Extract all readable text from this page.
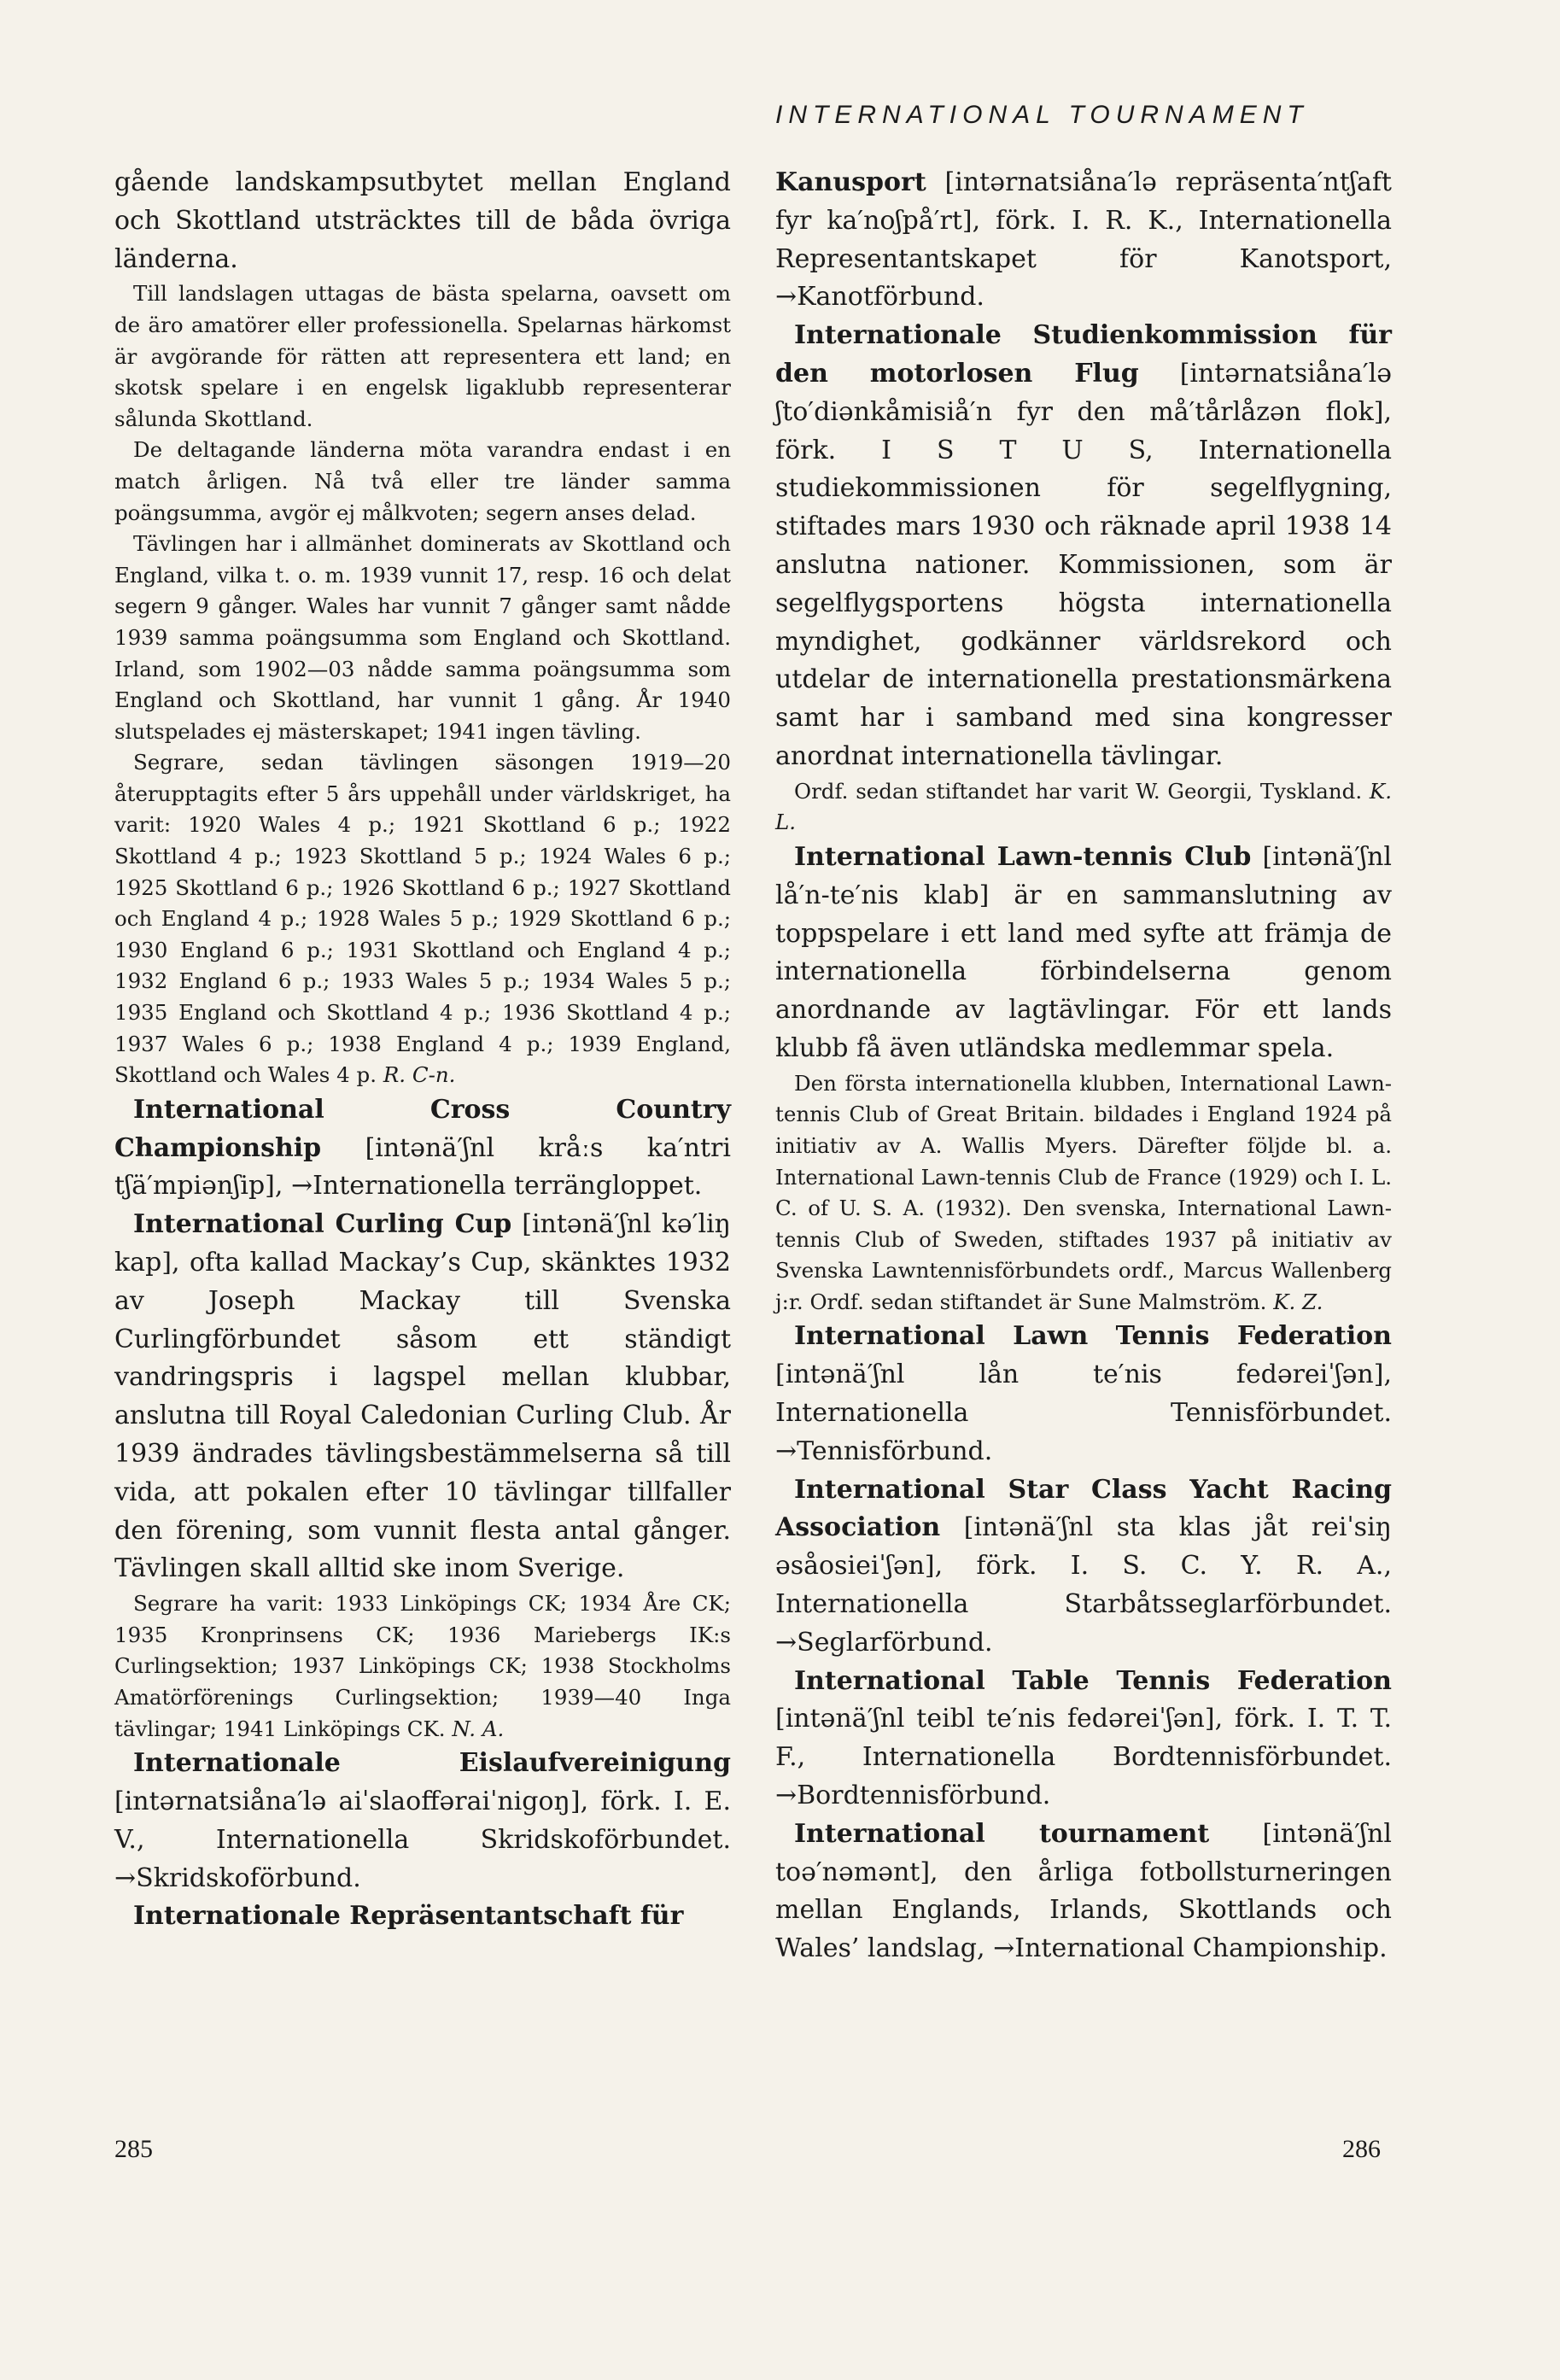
INTERNATIONAL TOURNAMENT

gående landskampsutbytet mellan England och Skottland utsträcktes till de båda övriga länderna.

Till landslagen uttagas de bästa spelarna, oavsett om de äro amatörer eller professionella. Spelarnas härkomst är avgörande för rätten att representera ett land; en skotsk spelare i en engelsk ligaklubb representerar sålunda Skottland.

De deltagande länderna möta varandra endast i en match årligen. Nå två eller tre länder samma poängsumma, avgör ej målkvoten; segern anses delad.

Tävlingen har i allmänhet dominerats av Skottland och England, vilka t. o. m. 1939 vunnit 17, resp. 16 och delat segern 9 gånger. Wales har vunnit 7 gånger samt nådde 1939 samma poängsumma som England och Skottland. Irland, som 1902—03 nådde samma poängsumma som England och Skottland, har vunnit 1 gång. År 1940 slutspelades ej mästerskapet; 1941 ingen tävling.

Segrare, sedan tävlingen säsongen 1919—20 återupptagits efter 5 års uppehåll under världskriget, ha varit: 1920 Wales 4 p.; 1921 Skottland 6 p.; 1922 Skottland 4 p.; 1923 Skottland 5 p.; 1924 Wales 6 p.; 1925 Skottland 6 p.; 1926 Skottland 6 p.; 1927 Skottland och England 4 p.; 1928 Wales 5 p.; 1929 Skottland 6 p.; 1930 England 6 p.; 1931 Skottland och England 4 p.; 1932 England 6 p.; 1933 Wales 5 p.; 1934 Wales 5 p.; 1935 England och Skottland 4 p.; 1936 Skottland 4 p.; 1937 Wales 6 p.; 1938 England 4 p.; 1939 England, Skottland och Wales 4 p. R. C-n.

International Cross Country Championship [intənä′ʃnl kråːs ka′ntri tʃä′mpiənʃip], →Internationella terrängloppet.

International Curling Cup [intənä′ʃnl kə′liŋ kap], ofta kallad Mackay’s Cup, skänktes 1932 av Joseph Mackay till Svenska Curlingförbundet såsom ett ständigt vandringspris i lagspel mellan klubbar, anslutna till Royal Caledonian Curling Club. År 1939 ändrades tävlingsbestämmelserna så till vida, att pokalen efter 10 tävlingar tillfaller den förening, som vunnit flesta antal gånger. Tävlingen skall alltid ske inom Sverige.

Segrare ha varit: 1933 Linköpings CK; 1934 Åre CK; 1935 Kronprinsens CK; 1936 Mariebergs IK:s Curlingsektion; 1937 Linköpings CK; 1938 Stockholms Amatörförenings Curlingsektion; 1939—40 Inga tävlingar; 1941 Linköpings CK. N. A.

Internationale Eislaufvereinigung [intərnatsiåna′lə aiˈslaoffəraiˈnigoŋ], förk. I. E. V., Internationella Skridskoförbundet. →Skridskoförbund.

Internationale Repräsentantschaft für

Kanusport [intərnatsiåna′lə repräsenta′ntʃaft fyr ka′noʃpå′rt], förk. I. R. K., Internationella Representantskapet för Kanotsport, →Kanotförbund.

Internationale Studienkommission für den motorlosen Flug [intərnatsiåna′lə ʃto′diənkåmisiå′n fyr den må′tårlåzən flok], förk. I S T U S, Internationella studiekommissionen för segelflygning, stiftades mars 1930 och räknade april 1938 14 anslutna nationer. Kommissionen, som är segelflygsportens högsta internationella myndighet, godkänner världsrekord och utdelar de internationella prestationsmärkena samt har i samband med sina kongresser anordnat internationella tävlingar.

Ordf. sedan stiftandet har varit W. Georgii, Tyskland. K. L.

International Lawn-tennis Club [intənä′ʃnl lå′n-te′nis klab] är en sammanslutning av toppspelare i ett land med syfte att främja de internationella förbindelserna genom anordnande av lagtävlingar. För ett lands klubb få även utländska medlemmar spela.

Den första internationella klubben, International Lawn-tennis Club of Great Britain. bildades i England 1924 på initiativ av A. Wallis Myers. Därefter följde bl. a. International Lawn-tennis Club de France (1929) och I. L. C. of U. S. A. (1932). Den svenska, International Lawn-tennis Club of Sweden, stiftades 1937 på initiativ av Svenska Lawntennisförbundets ordf., Marcus Wallenberg j:r. Ordf. sedan stiftandet är Sune Malmström. K. Z.

International Lawn Tennis Federation [intənä′ʃnl lån te′nis fedəreiˈʃən], Internationella Tennisförbundet. →Tennisförbund.

International Star Class Yacht Racing Association [intənä′ʃnl sta klas jåt reiˈsiŋ əsåosieiˈʃən], förk. I. S. C. Y. R. A., Internationella Starbåtsseglarförbundet. →Seglarförbund.

International Table Tennis Federation [intənä′ʃnl teibl te′nis fedəreiˈʃən], förk. I. T. T. F., Internationella Bordtennisförbundet. →Bordtennisförbund.

International tournament [intənä′ʃnl toə′nəmənt], den årliga fotbollsturneringen mellan Englands, Irlands, Skottlands och Wales’ landslag, →International Championship.

285	286
